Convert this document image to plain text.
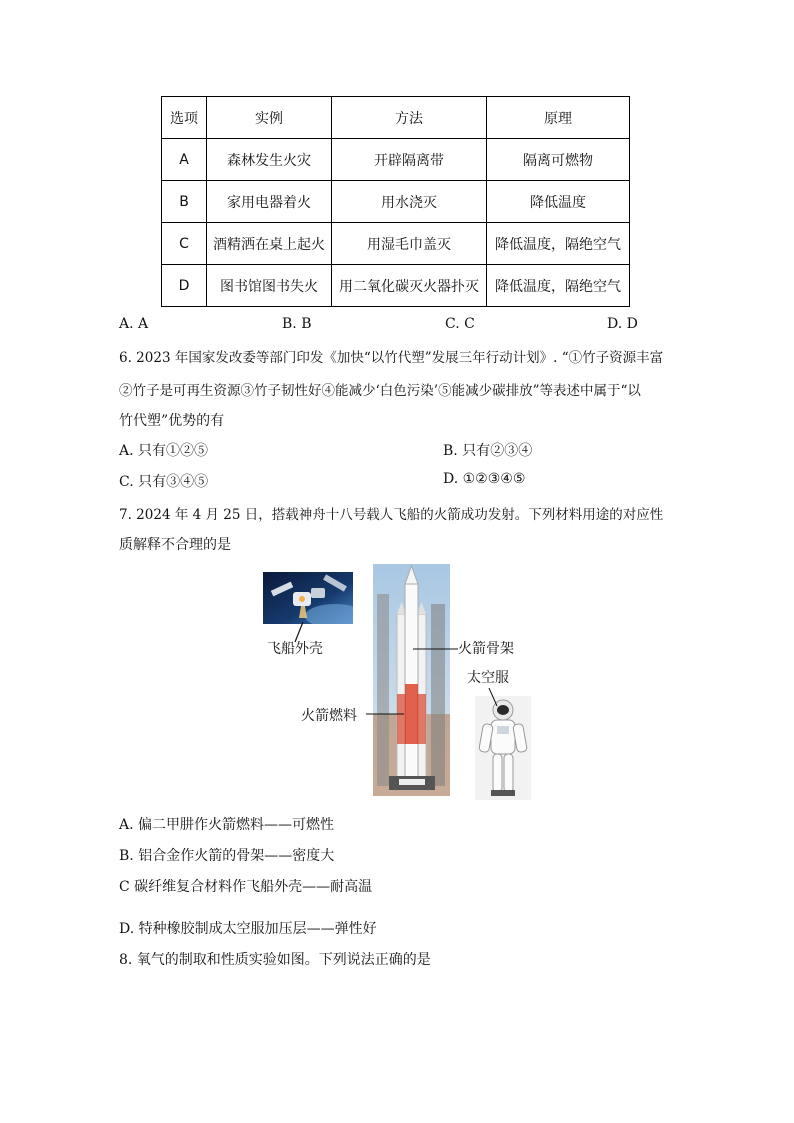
选项	实例	方法	原理
A	森林发生火灾	开辟隔离带	隔离可燃物
B	家用电器着火	用水浇灭	降低温度
C	酒精洒在桌上起火	用湿毛巾盖灭	降低温度，隔绝空气
D	图书馆图书失火	用二氧化碳灭火器扑灭	降低温度，隔绝空气
A. A	B. B	C. C	D. D
6. 2023 年国家发改委等部门印发《加快“以竹代塑”发展三年行动计划》. “①竹子资源丰富
②竹子是可再生资源③竹子韧性好④能减少‘白色污染’⑤能减少碳排放”等表述中属于“以
竹代塑”优势的有
A. 只有①②⑤	B. 只有②③④
C. 只有③④⑤	D. ①②③④⑤
7. 2024 年 4 月 25 日，搭载神舟十八号载人飞船的火箭成功发射。下列材料用途的对应性
质解释不合理的是
飞船外壳	火箭骨架
太空服
火箭燃料
A. 偏二甲肼作火箭燃料——可燃性
B. 铝合金作火箭的骨架——密度大
C 碳纤维复合材料作飞船外壳——耐高温
D. 特种橡胶制成太空服加压层——弹性好
8. 氧气的制取和性质实验如图。下列说法正确的是
